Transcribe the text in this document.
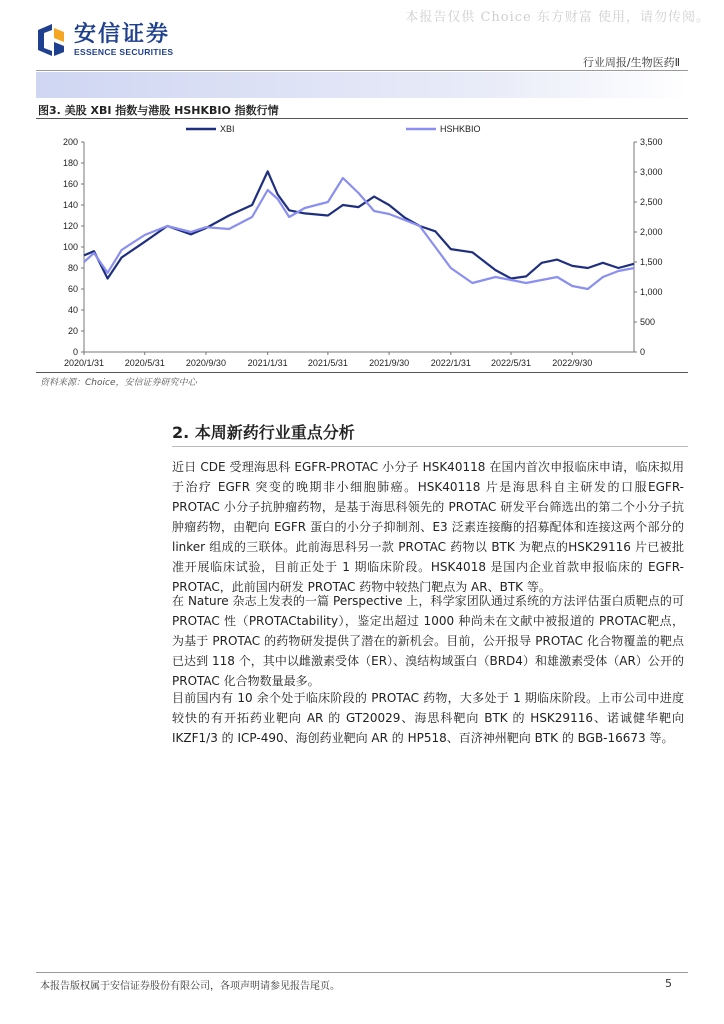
本报告仅供 Choice 东方财富 使用，请勿传阅。
安信证券
ESSENCE SECURITIES
行业周报/生物医药Ⅱ
图3. 美股 XBI 指数与港股 HSHKBIO 指数行情
0
20
40
60
80
100
120
140
160
180
200
0
500
1,000
1,500
2,000
2,500
3,000
3,500
2020/1/31 2020/5/31 2020/9/30 2021/1/31 2021/5/31 2021/9/30 2022/1/31 2022/5/31 2022/9/30
XBI	HSHKBIO
资料来源：Choice，安信证券研究中心
2. 本周新药行业重点分析
近日 CDE 受理海思科 EGFR-PROTAC 小分子 HSK40118 在国内首次申报临床申请，临床拟用于治疗 EGFR 突变的晚期非小细胞肺癌。HSK40118 片是海思科自主研发的口服EGFR-PROTAC 小分子抗肿瘤药物，是基于海思科领先的 PROTAC 研发平台筛选出的第二个小分子抗肿瘤药物，由靶向 EGFR 蛋白的小分子抑制剂、E3 泛素连接酶的招募配体和连接这两个部分的 linker 组成的三联体。此前海思科另一款 PROTAC 药物以 BTK 为靶点的HSK29116 片已被批准开展临床试验，目前正处于 1 期临床阶段。HSK4018 是国内企业首款申报临床的 EGFR-PROTAC，此前国内研发 PROTAC 药物中较热门靶点为 AR、BTK 等。
在 Nature 杂志上发表的一篇 Perspective 上，科学家团队通过系统的方法评估蛋白质靶点的可 PROTAC 性（PROTACtability），鉴定出超过 1000 种尚未在文献中被报道的 PROTAC靶点，为基于 PROTAC 的药物研发提供了潜在的新机会。目前，公开报导 PROTAC 化合物覆盖的靶点已达到 118 个，其中以雌激素受体（ER）、溴结构域蛋白（BRD4）和雄激素受体（AR）公开的 PROTAC 化合物数量最多。
目前国内有 10 余个处于临床阶段的 PROTAC 药物，大多处于 1 期临床阶段。上市公司中进度较快的有开拓药业靶向 AR 的 GT20029、海思科靶向 BTK 的 HSK29116、诺诚健华靶向IKZF1/3 的 ICP-490、海创药业靶向 AR 的 HP518、百济神州靶向 BTK 的 BGB-16673 等。
本报告版权属于安信证券股份有限公司，各项声明请参见报告尾页。	5
